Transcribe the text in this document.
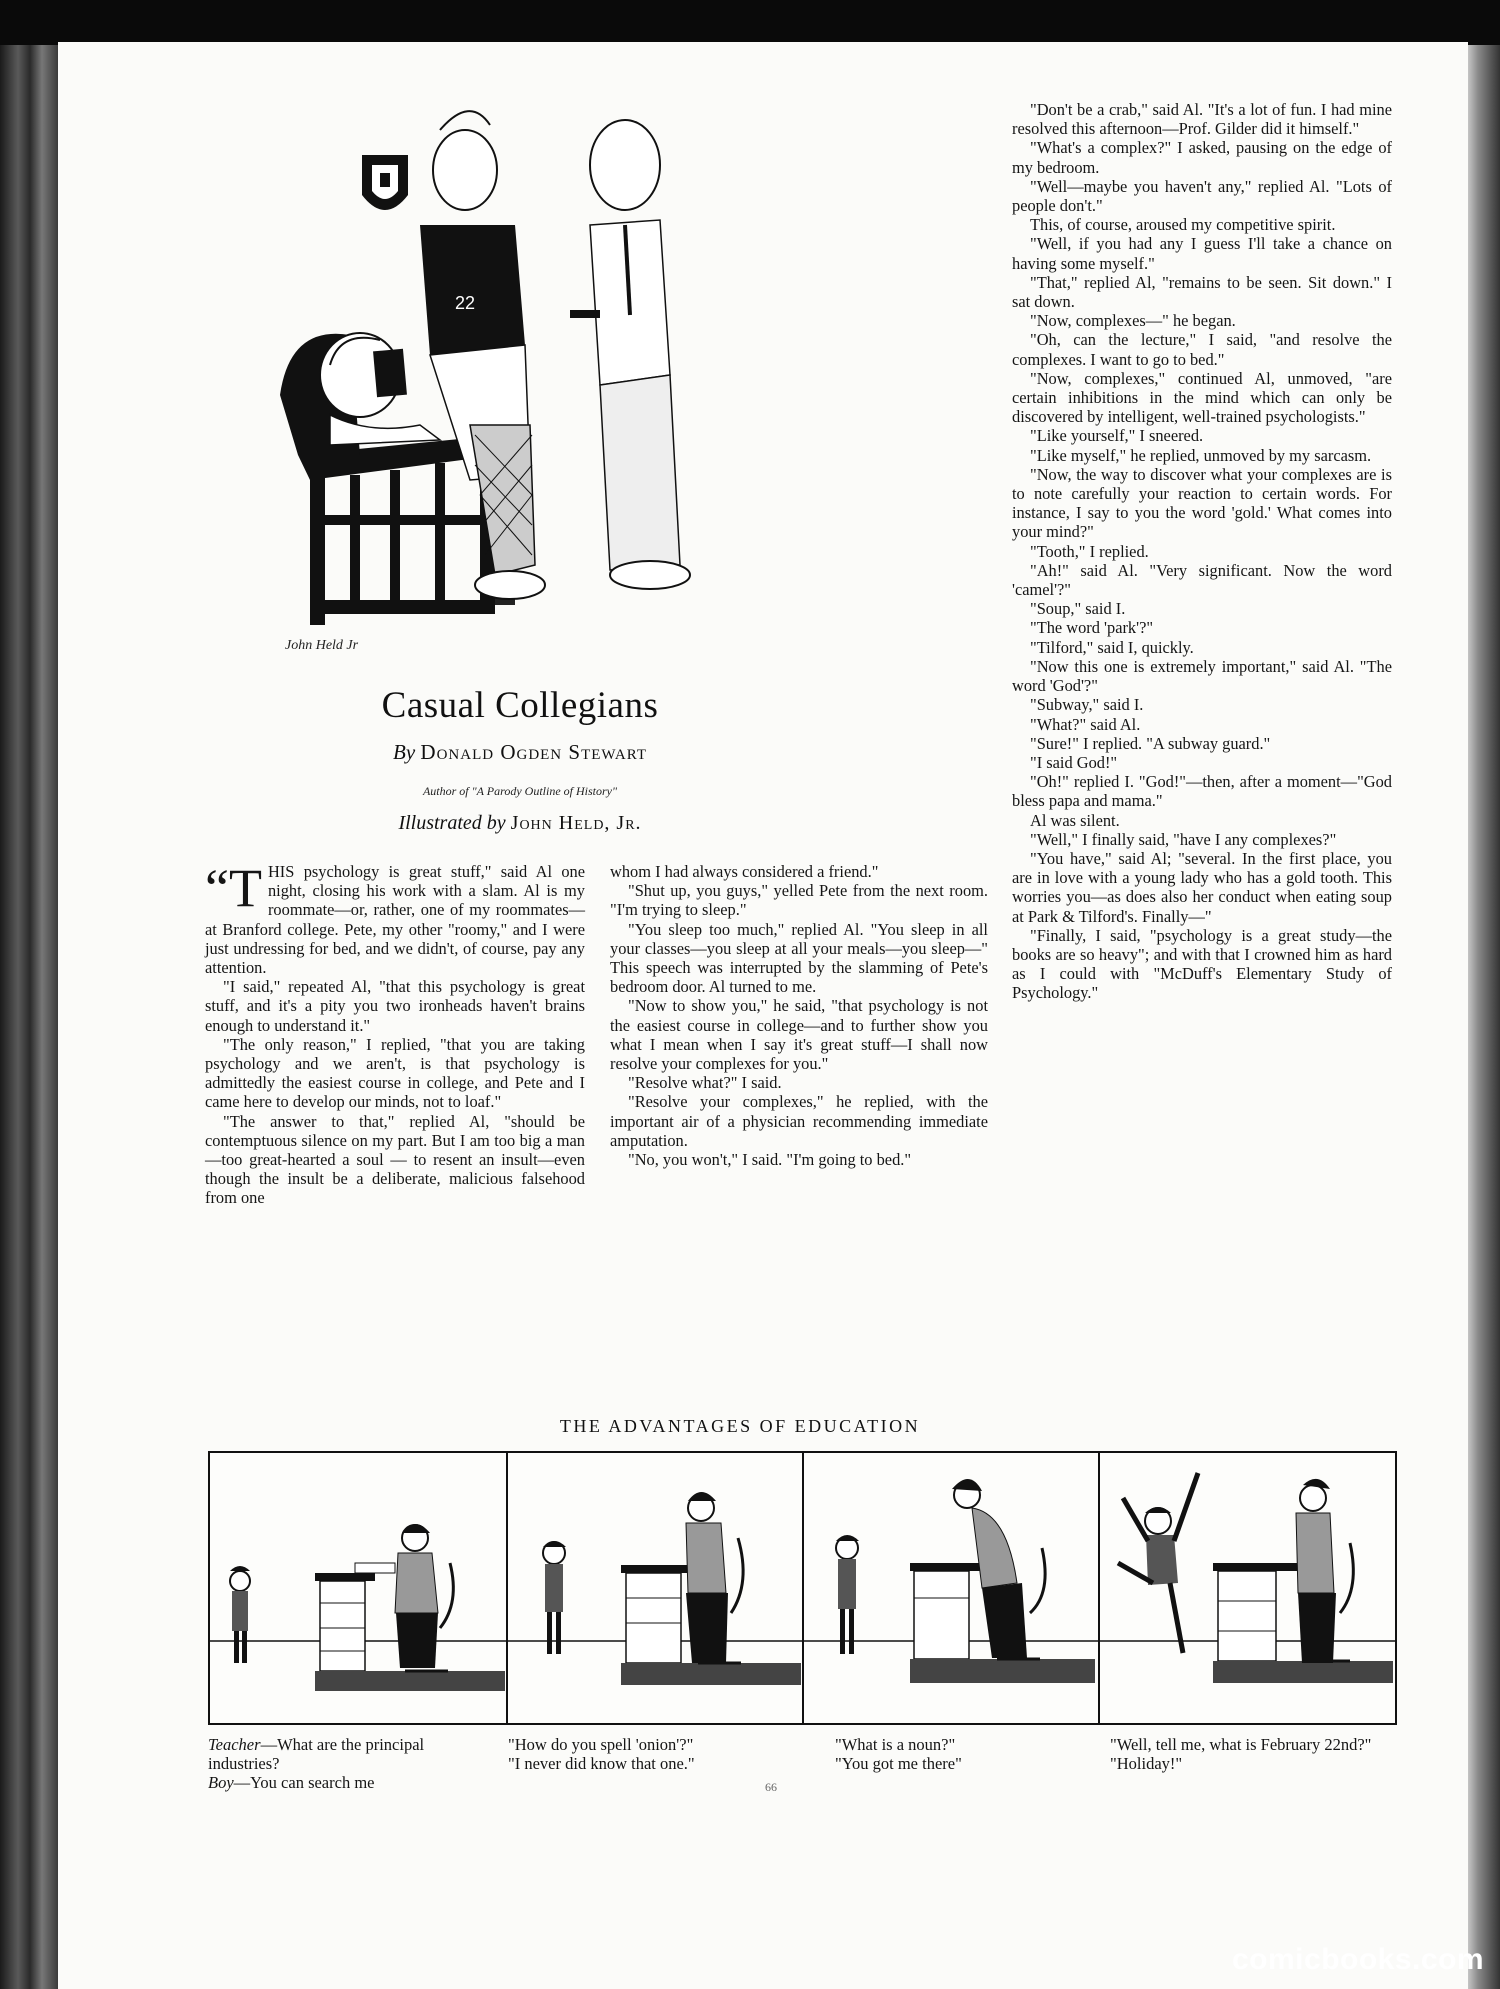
22
John Held Jr
Casual Collegians
By Donald Ogden Stewart
Author of "A Parody Outline of History"
Illustrated by John Held, Jr.

“T HIS psychology is great stuff," said Al one night, closing his work with a slam. Al is my roommate—or, rather, one of my roommates—at Branford college. Pete, my other "roomy," and I were just undressing for bed, and we didn't, of course, pay any attention.

"I said," repeated Al, "that this psychology is great stuff, and it's a pity you two ironheads haven't brains enough to understand it."

"The only reason," I replied, "that you are taking psychology and we aren't, is that psychology is admittedly the easiest course in college, and Pete and I came here to develop our minds, not to loaf."

"The answer to that," replied Al, "should be contemptuous silence on my part. But I am too big a man—too great-hearted a soul — to resent an insult—even though the insult be a deliberate, malicious falsehood from one

whom I had always considered a friend."

"Shut up, you guys," yelled Pete from the next room. "I'm trying to sleep."

"You sleep too much," replied Al. "You sleep in all your classes—you sleep at all your meals—you sleep—" This speech was interrupted by the slamming of Pete's bedroom door. Al turned to me.

"Now to show you," he said, "that psychology is not the easiest course in college—and to further show you what I mean when I say it's great stuff—I shall now resolve your complexes for you."

"Resolve what?" I said.

"Resolve your complexes," he replied, with the important air of a physician recommending immediate amputation.

"No, you won't," I said. "I'm going to bed."

"Don't be a crab," said Al. "It's a lot of fun. I had mine resolved this afternoon—Prof. Gilder did it himself."

"What's a complex?" I asked, pausing on the edge of my bedroom.

"Well—maybe you haven't any," replied Al. "Lots of people don't."

This, of course, aroused my competitive spirit.

"Well, if you had any I guess I'll take a chance on having some myself."

"That," replied Al, "remains to be seen. Sit down." I sat down.

"Now, complexes—" he began.

"Oh, can the lecture," I said, "and resolve the complexes. I want to go to bed."

"Now, complexes," continued Al, unmoved, "are certain inhibitions in the mind which can only be discovered by intelligent, well-trained psychologists."

"Like yourself," I sneered.

"Like myself," he replied, unmoved by my sarcasm.

"Now, the way to discover what your complexes are is to note carefully your reaction to certain words. For instance, I say to you the word 'gold.' What comes into your mind?"

"Tooth," I replied.

"Ah!" said Al. "Very significant. Now the word 'camel'?"

"Soup," said I.

"The word 'park'?"

"Tilford," said I, quickly.

"Now this one is extremely important," said Al. "The word 'God'?"

"Subway," said I.

"What?" said Al.

"Sure!" I replied. "A subway guard."

"I said God!"

"Oh!" replied I. "God!"—then, after a moment—"God bless papa and mama."

Al was silent.

"Well," I finally said, "have I any complexes?"

"You have," said Al; "several. In the first place, you are in love with a young lady who has a gold tooth. This worries you—as does also her conduct when eating soup at Park & Tilford's. Finally—"

"Finally, I said, "psychology is a great study—the books are so heavy"; and with that I crowned him as hard as I could with "McDuff's Elementary Study of Psychology."

THE ADVANTAGES OF EDUCATION
Teacher—What are the principal industries?
Boy—You can search me
"How do you spell 'onion'?"
"I never did know that one."
"What is a noun?"
"You got me there"
"Well, tell me, what is February 22nd?"
"Holiday!"
66
comicbooks.com
